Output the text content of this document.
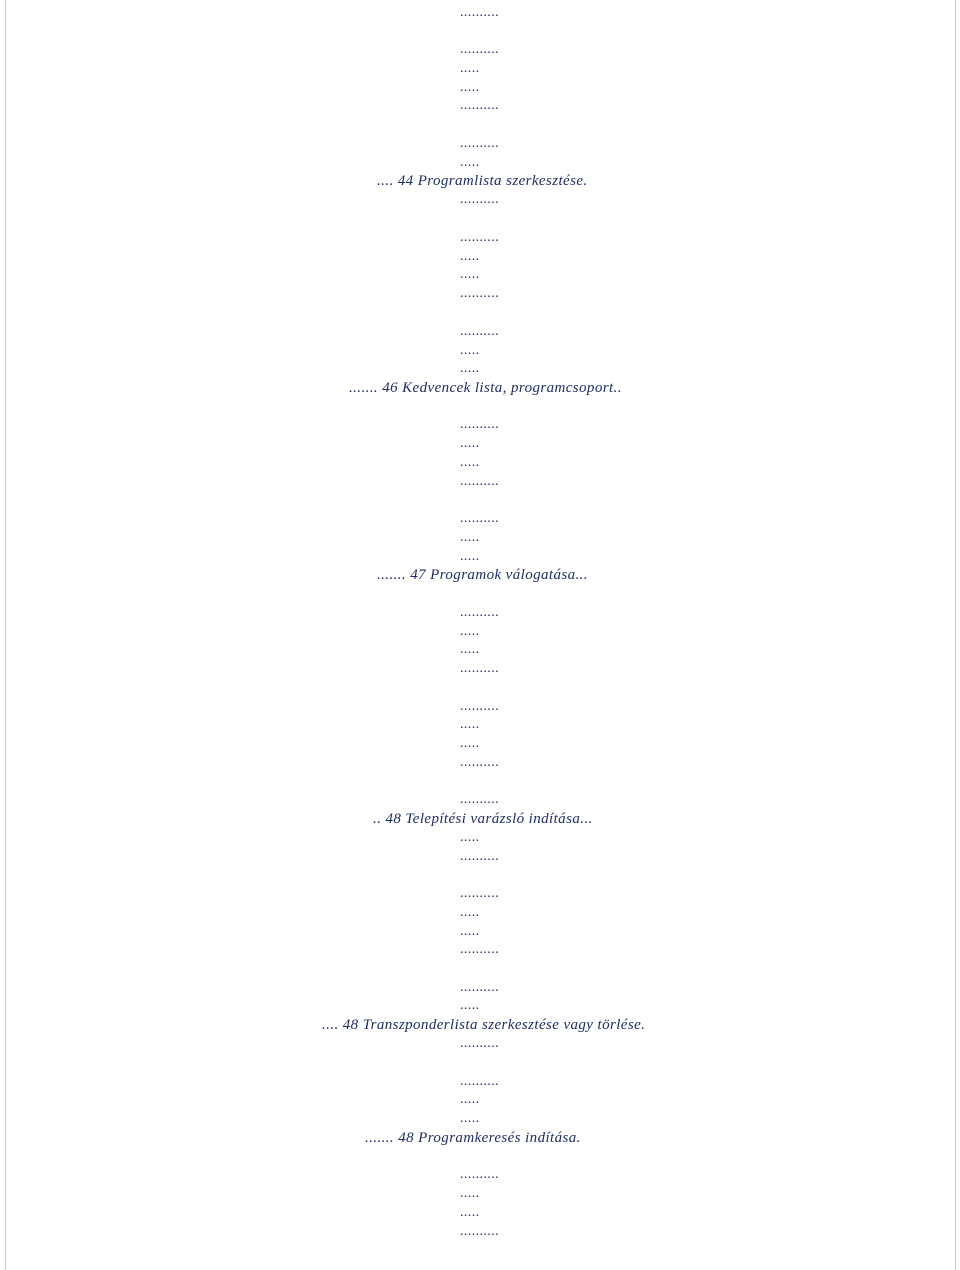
..........
..........
.....
.....
..........
..........
.....
.... 44 Programlista szerkesztése.
..........
..........
.....
.....
..........
..........
.....
.....
....... 46 Kedvencek lista, programcsoport..
..........
.....
.....
..........
..........
.....
.....
....... 47 Programok válogatása...
..........
.....
.....
..........
..........
.....
.....
..........
..........
.. 48 Telepítési varázsló indítása...
.....
..........
..........
.....
.....
..........
..........
.....
.... 48 Transzponderlista szerkesztése vagy törlése.
..........
..........
.....
.....
....... 48 Programkeresés indítása.
..........
.....
.....
..........
